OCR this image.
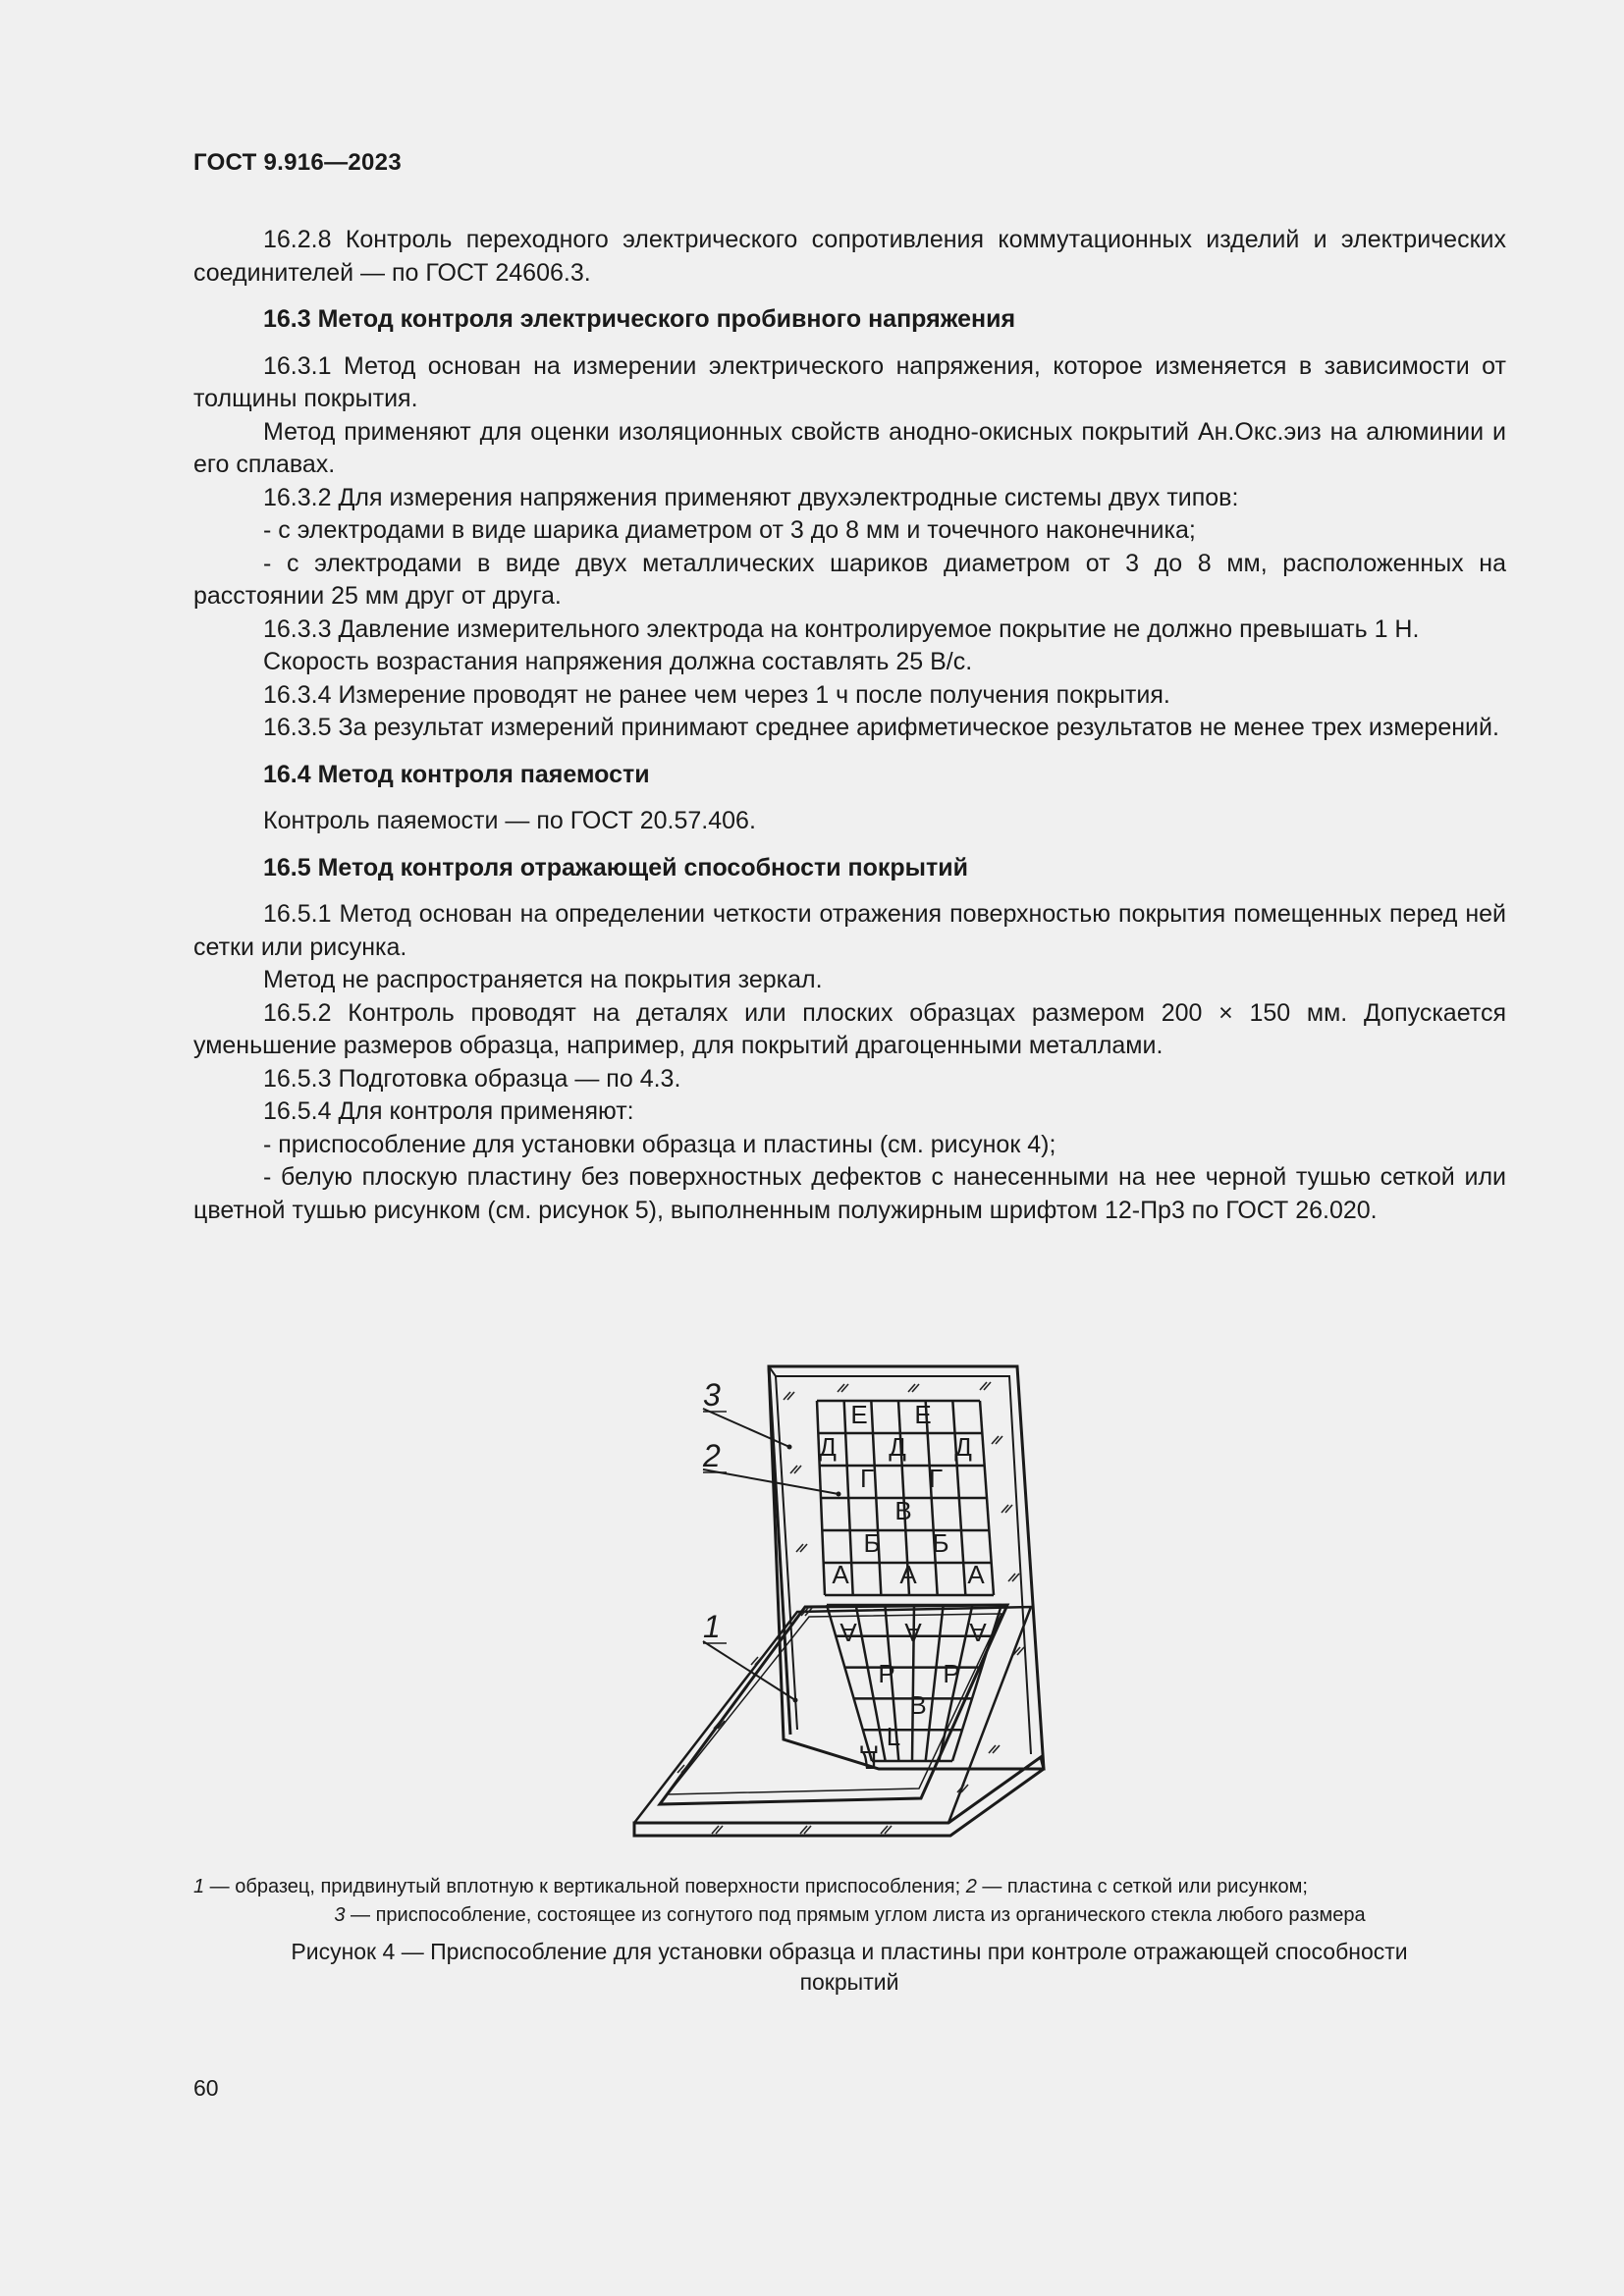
ГОСТ 9.916—2023

16.2.8 Контроль переходного электрического сопротивления коммутационных изделий и электрических соединителей — по ГОСТ 24606.3.

16.3 Метод контроля электрического пробивного напряжения

16.3.1 Метод основан на измерении электрического напряжения, которое изменяется в зависимости от толщины покрытия.

Метод применяют для оценки изоляционных свойств анодно-окисных покрытий Ан.Окс.эиз на алюминии и его сплавах.

16.3.2 Для измерения напряжения применяют двухэлектродные системы двух типов:

- с электродами в виде шарика диаметром от 3 до 8 мм и точечного наконечника;

- с электродами в виде двух металлических шариков диаметром от 3 до 8 мм, расположенных на расстоянии 25 мм друг от друга.

16.3.3 Давление измерительного электрода на контролируемое покрытие не должно превышать 1 Н.

Скорость возрастания напряжения должна составлять 25 В/с.

16.3.4 Измерение проводят не ранее чем через 1 ч после получения покрытия.

16.3.5 За результат измерений принимают среднее арифметическое результатов не менее трех измерений.

16.4 Метод контроля паяемости

Контроль паяемости — по ГОСТ 20.57.406.

16.5 Метод контроля отражающей способности покрытий

16.5.1 Метод основан на определении четкости отражения поверхностью покрытия помещенных перед ней сетки или рисунка.

Метод не распространяется на покрытия зеркал.

16.5.2 Контроль проводят на деталях или плоских образцах размером 200 × 150 мм. Допускается уменьшение размеров образца, например, для покрытий драгоценными металлами.

16.5.3 Подготовка образца — по 4.3.

16.5.4 Для контроля применяют:

- приспособление для установки образца и пластины (см. рисунок 4);

- белую плоскую пластину без поверхностных дефектов с нанесенными на нее черной тушью сеткой или цветной тушью рисунком (см. рисунок 5), выполненным полужирным шрифтом 12-Пр3 по ГОСТ 26.020.

3
2
1
Е Е
Д Д Д
Г Г
В
Б Б
А А А
А А А
P P
В
L
Д
1 — образец, придвинутый вплотную к вертикальной поверхности приспособления; 2 — пластина с сеткой или рисунком;
3 — приспособление, состоящее из согнутого под прямым углом листа из органического стекла любого размера
Рисунок 4 — Приспособление для установки образца и пластины при контроле отражающей способности
покрытий
60
